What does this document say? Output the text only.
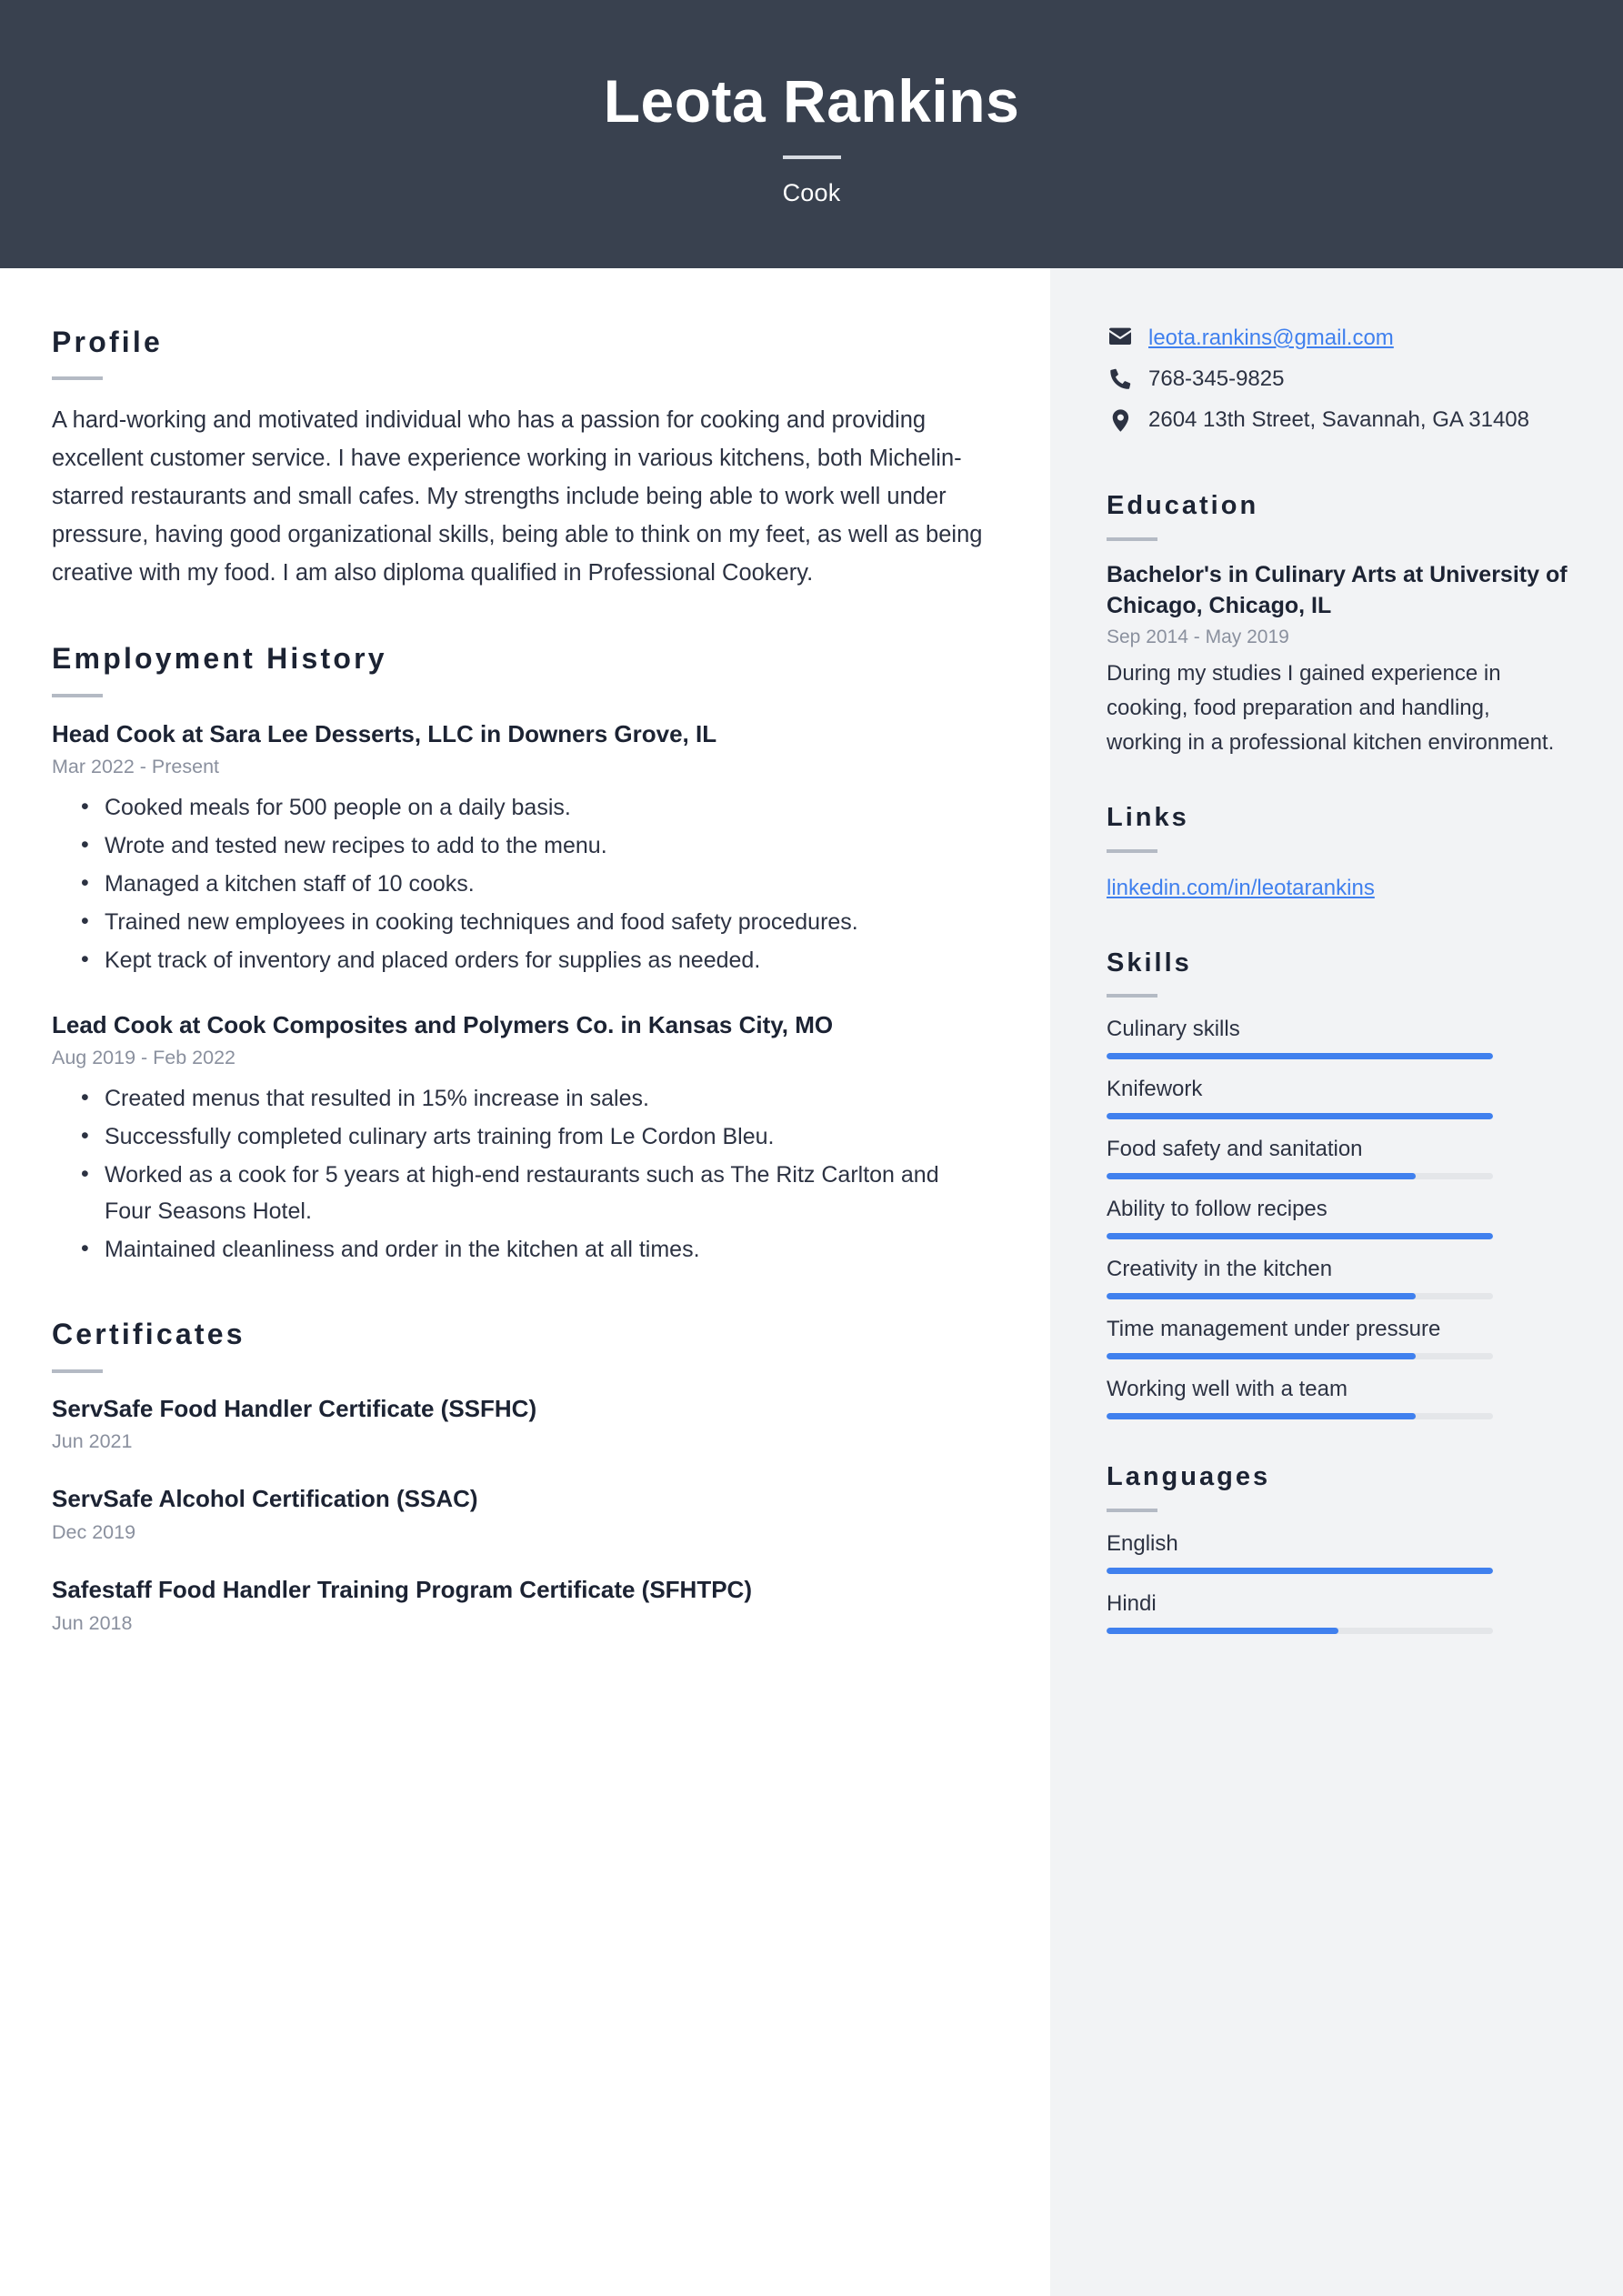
Leota Rankins
Cook
Profile

A hard-working and motivated individual who has a passion for cooking and providing excellent customer service. I have experience working in various kitchens, both Michelin-starred restaurants and small cafes. My strengths include being able to work well under pressure, having good organizational skills, being able to think on my feet, as well as being creative with my food. I am also diploma qualified in Professional Cookery.

Employment History
Head Cook at Sara Lee Desserts, LLC in Downers Grove, IL
Mar 2022 - Present
• Cooked meals for 500 people on a daily basis.
• Wrote and tested new recipes to add to the menu.
• Managed a kitchen staff of 10 cooks.
• Trained new employees in cooking techniques and food safety procedures.
• Kept track of inventory and placed orders for supplies as needed.
Lead Cook at Cook Composites and Polymers Co. in Kansas City, MO
Aug 2019 - Feb 2022
• Created menus that resulted in 15% increase in sales.
• Successfully completed culinary arts training from Le Cordon Bleu.
• Worked as a cook for 5 years at high-end restaurants such as The Ritz Carlton and Four Seasons Hotel.
• Maintained cleanliness and order in the kitchen at all times.
Certificates
ServSafe Food Handler Certificate (SSFHC)
Jun 2021
ServSafe Alcohol Certification (SSAC)
Dec 2019
Safestaff Food Handler Training Program Certificate (SFHTPC)
Jun 2018
leota.rankins@gmail.com
768-345-9825
2604 13th Street, Savannah, GA 31408
Education
Bachelor's in Culinary Arts at University of Chicago, Chicago, IL
Sep 2014 - May 2019
During my studies I gained experience in cooking, food preparation and handling, working in a professional kitchen environment.
Links
linkedin.com/in/leotarankins
Skills
Culinary skills
Knifework
Food safety and sanitation
Ability to follow recipes
Creativity in the kitchen
Time management under pressure
Working well with a team
Languages
English
Hindi
